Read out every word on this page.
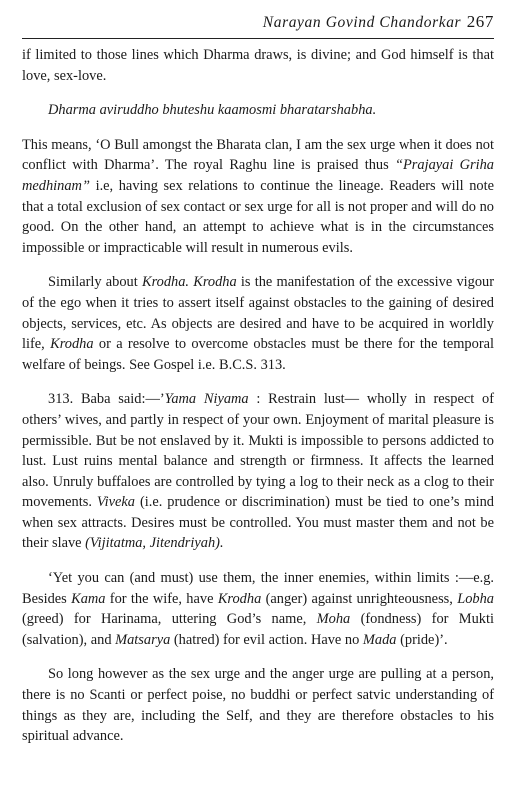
Narayan Govind Chandorkar 267

if limited to those lines which Dharma draws, is divine; and God himself is that love, sex-love.

Dharma aviruddho bhuteshu kaamosmi bharatarshabha.

This means, ‘O Bull amongst the Bharata clan, I am the sex urge when it does not conflict with Dharma’. The royal Raghu line is praised thus “Prajayai Griha medhinam” i.e, having sex relations to continue the lineage. Readers will note that a total exclusion of sex contact or sex urge for all is not proper and will do no good. On the other hand, an attempt to achieve what is in the circumstances impossible or impracticable will result in numerous evils.

Similarly about Krodha. Krodha is the manifestation of the excessive vigour of the ego when it tries to assert itself against obstacles to the gaining of desired objects, services, etc. As objects are desired and have to be acquired in worldly life, Krodha or a resolve to overcome obstacles must be there for the temporal welfare of beings. See Gospel i.e. B.C.S. 313.

313. Baba said:—’Yama Niyama : Restrain lust— wholly in respect of others’ wives, and partly in respect of your own. Enjoyment of marital pleasure is permissible. But be not enslaved by it. Mukti is impossible to persons addicted to lust. Lust ruins mental balance and strength or firmness. It affects the learned also. Unruly buffaloes are controlled by tying a log to their neck as a clog to their movements. Viveka (i.e. prudence or discrimination) must be tied to one’s mind when sex attracts. Desires must be controlled. You must master them and not be their slave (Vijitatma, Jitendriyah).

‘Yet you can (and must) use them, the inner enemies, within limits :—e.g. Besides Kama for the wife, have Krodha (anger) against unrighteousness, Lobha (greed) for Harinama, uttering God’s name, Moha (fondness) for Mukti (salvation), and Matsarya (hatred) for evil action. Have no Mada (pride)’.

So long however as the sex urge and the anger urge are pulling at a person, there is no Scanti or perfect poise, no buddhi or perfect satvic understanding of things as they are, including the Self, and they are therefore obstacles to his spiritual advance.
